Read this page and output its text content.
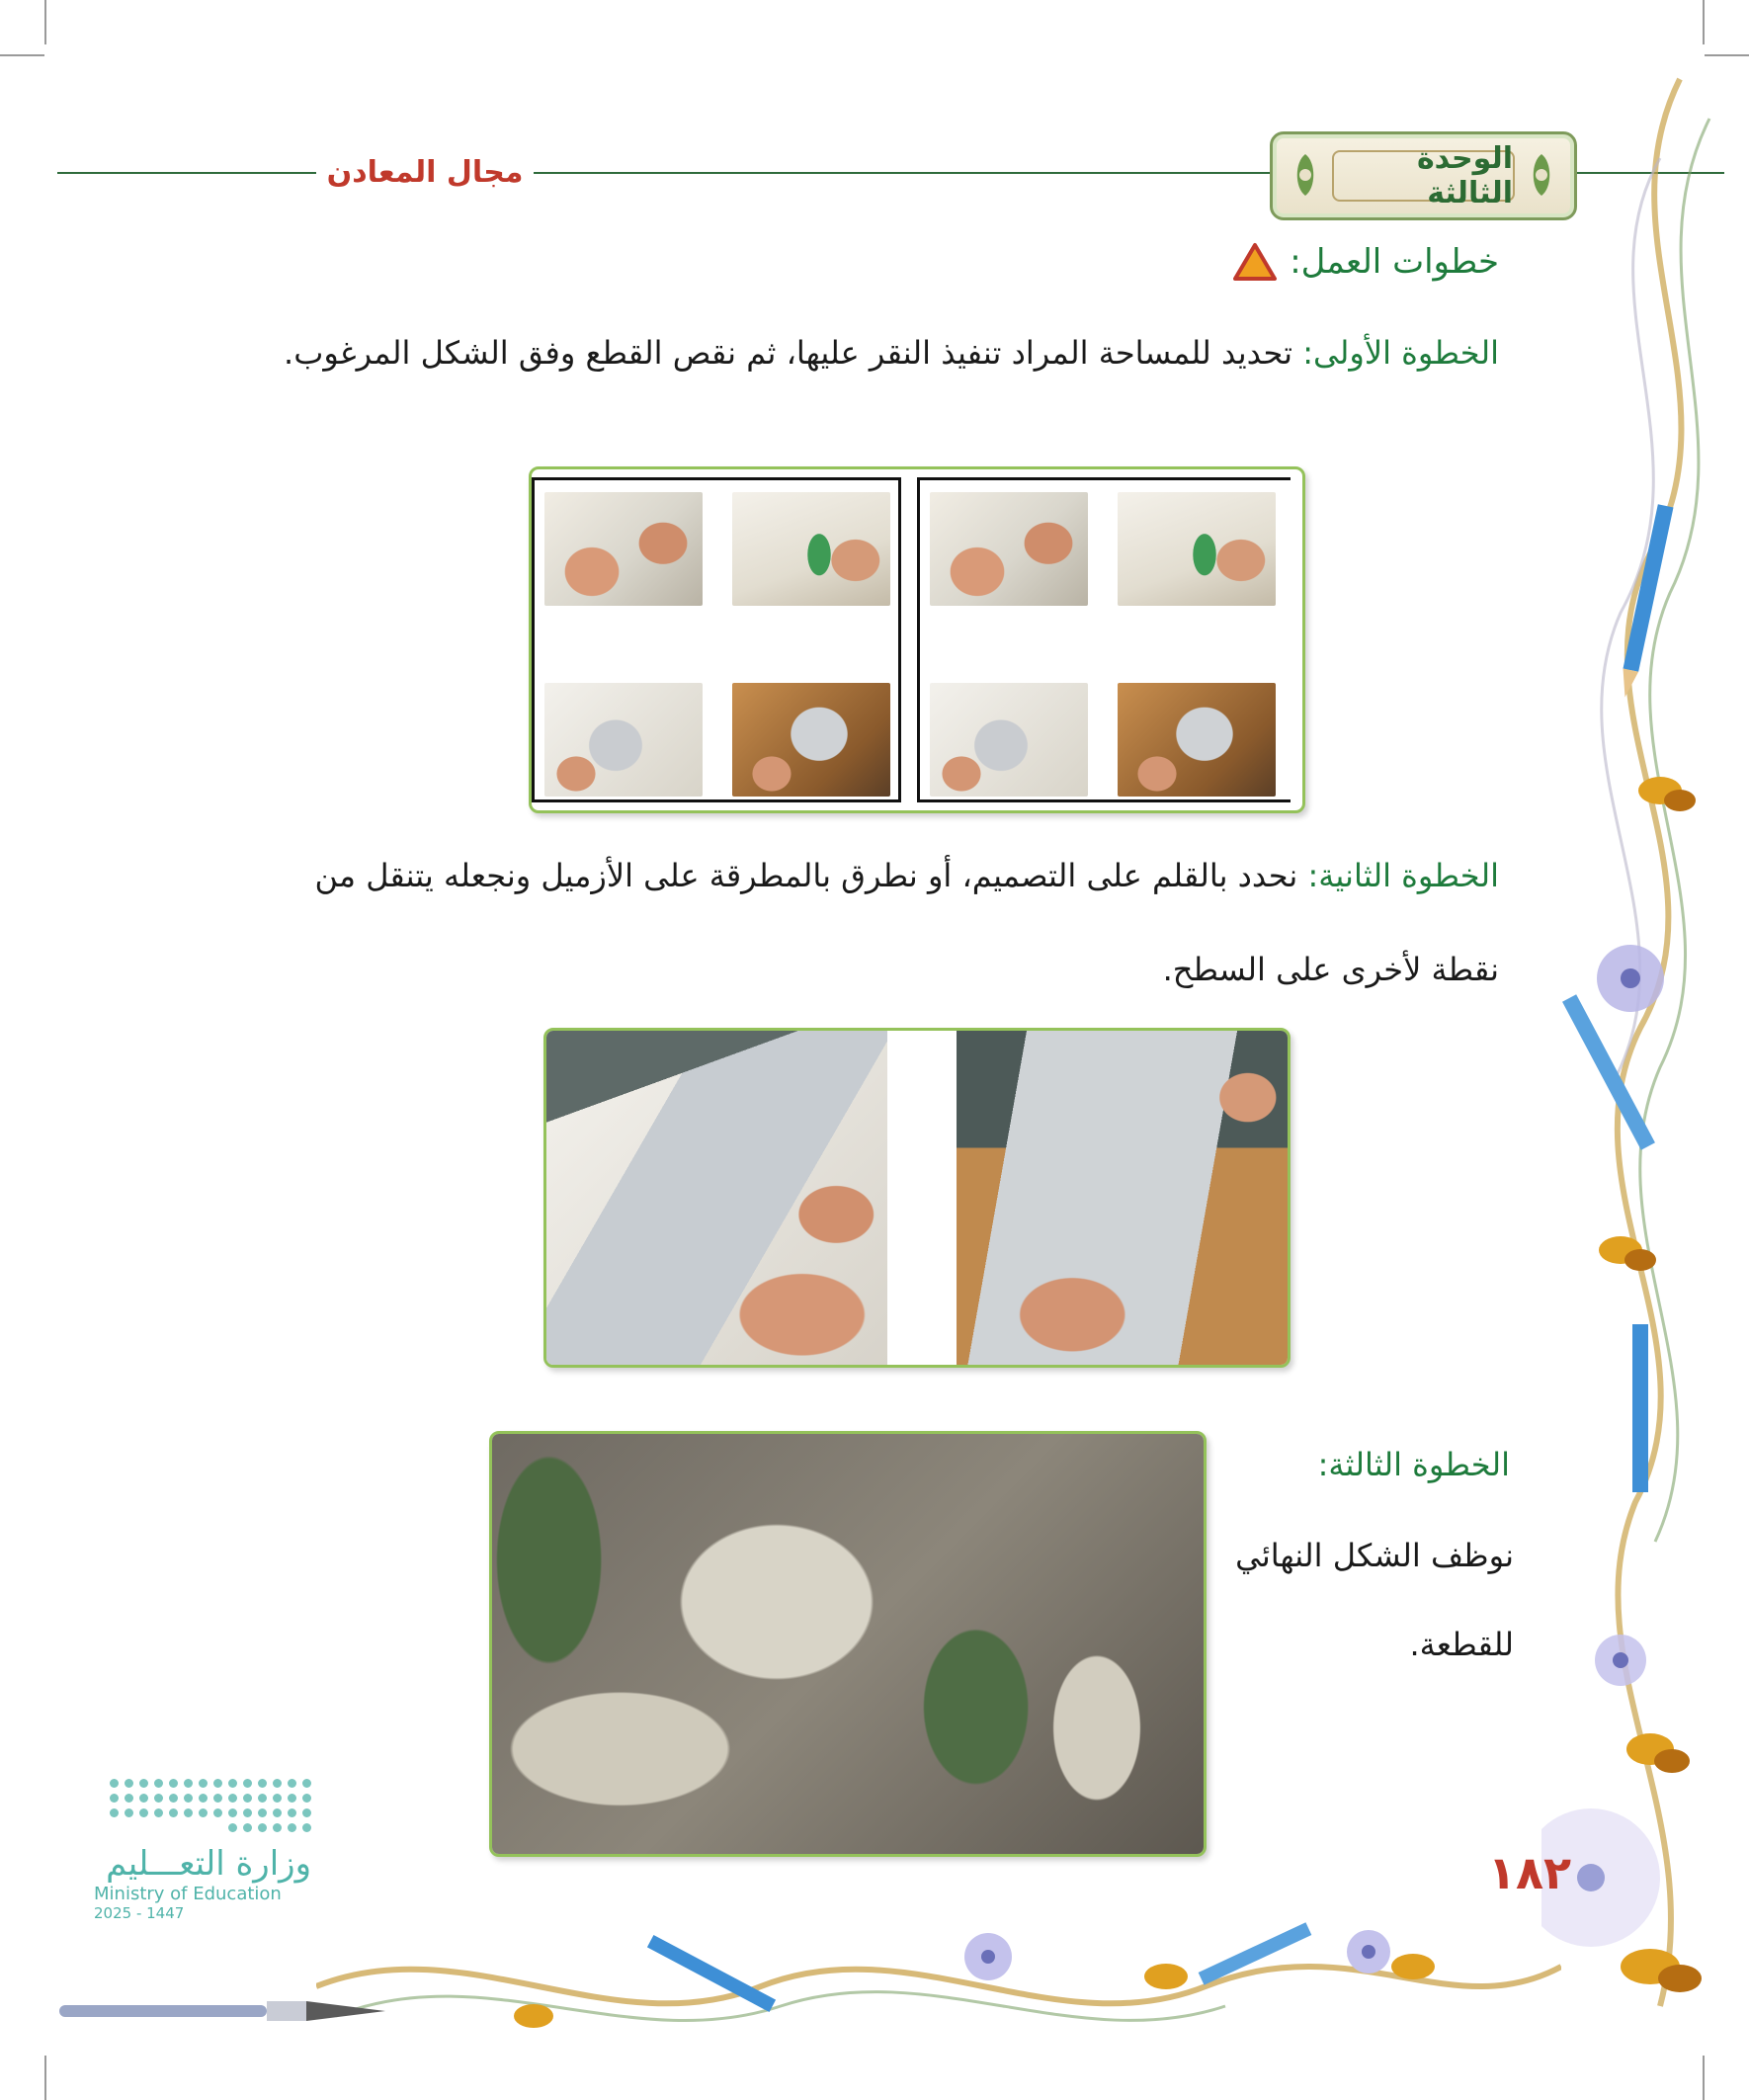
مجال المعادن	الوحدة الثالثة
خطوات العمل:
الخطوة الأولى: تحديد للمساحة المراد تنفيذ النقر عليها، ثم نقص القطع وفق الشكل المرغوب.
الخطوة الثانية: نحدد بالقلم على التصميم، أو نطرق بالمطرقة على الأزميل ونجعله يتنقل من
نقطة لأخرى على السطح.
الخطوة الثالثة:
نوظف الشكل النهائي
للقطعة.
١٨٢
وزارة التعـــليم
Ministry of Education
2025 - 1447
